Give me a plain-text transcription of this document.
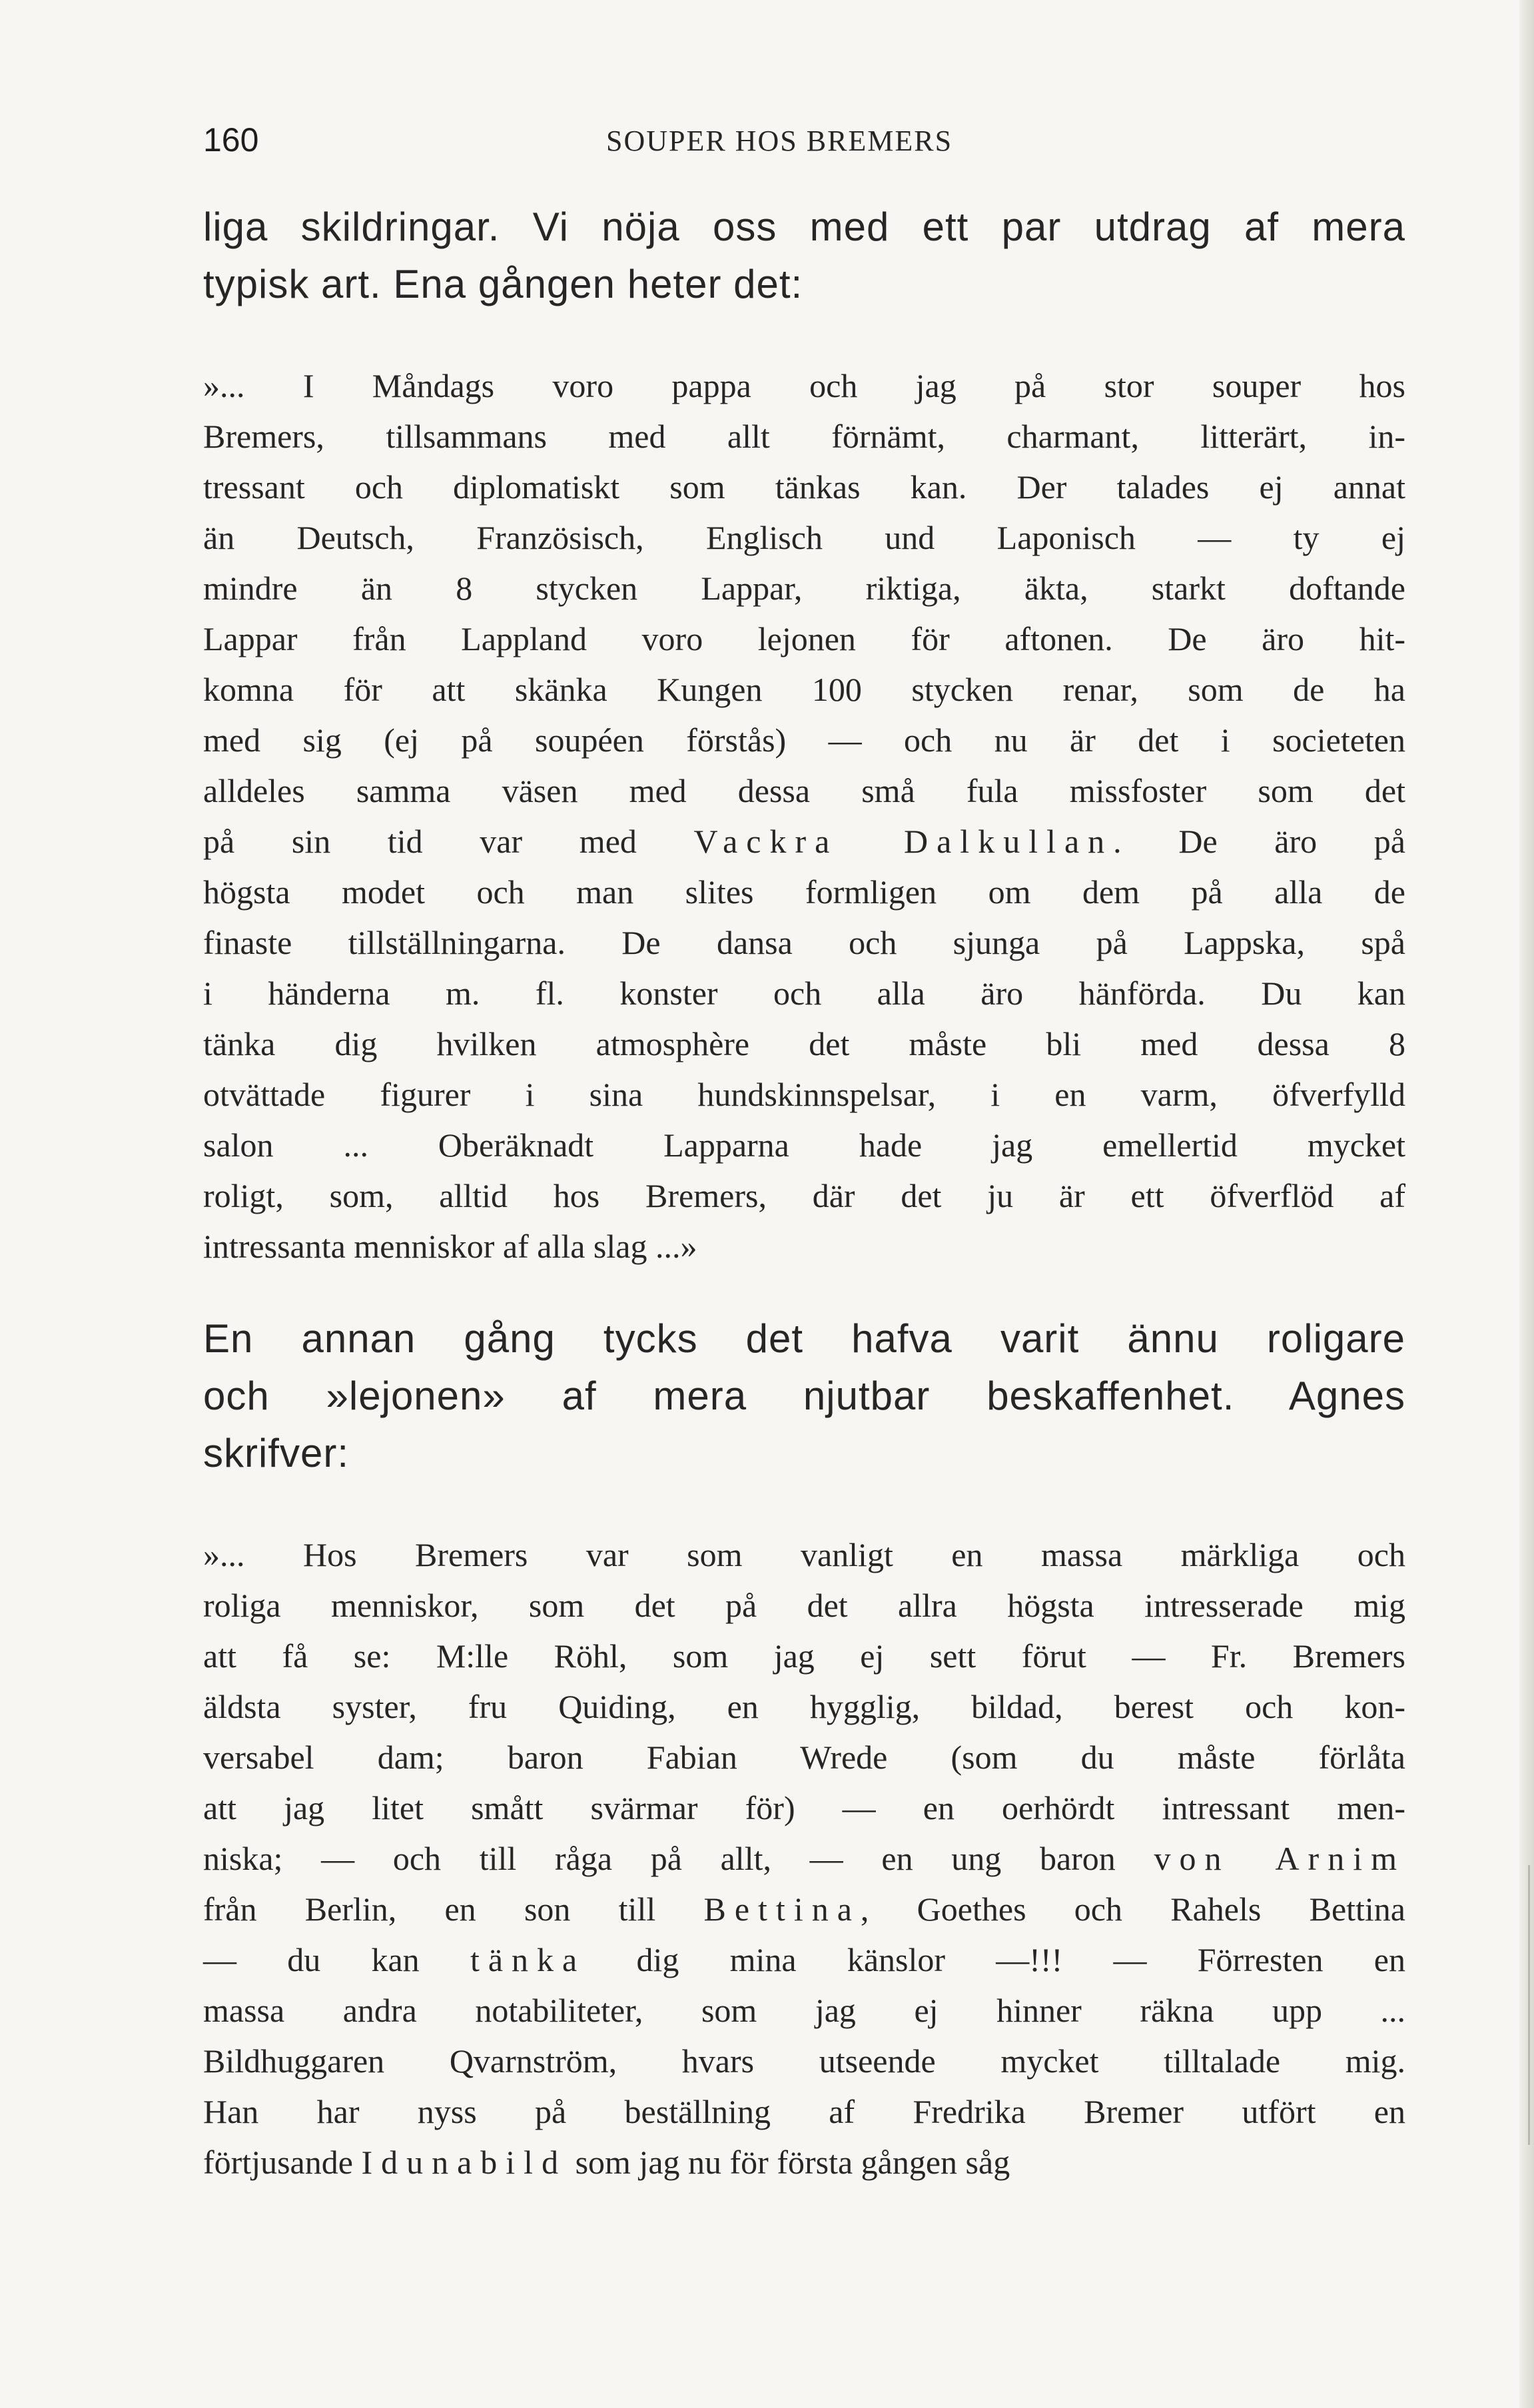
160	SOUPER HOS BREMERS
liga skildringar. Vi nöja oss med ett par utdrag af mera
typisk art. Ena gången heter det:
»... I Måndags voro pappa och jag på stor souper hos
Bremers, tillsammans med allt förnämt, charmant, litterärt, in-
tressant och diplomatiskt som tänkas kan. Der talades ej annat
än Deutsch, Französisch, Englisch und Laponisch — ty ej
mindre än 8 stycken Lappar, riktiga, äkta, starkt doftande
Lappar från Lappland voro lejonen för aftonen. De äro hit-
komna för att skänka Kungen 100 stycken renar, som de ha
med sig (ej på soupéen förstås) — och nu är det i societeten
alldeles samma väsen med dessa små fula missfoster som det
på sin tid var med Vackra Dalkullan. De äro på
högsta modet och man slites formligen om dem på alla de
finaste tillställningarna. De dansa och sjunga på Lappska, spå
i händerna m. fl. konster och alla äro hänförda. Du kan
tänka dig hvilken atmosphère det måste bli med dessa 8
otvättade figurer i sina hundskinnspelsar, i en varm, öfverfylld
salon ... Oberäknadt Lapparna hade jag emellertid mycket
roligt, som, alltid hos Bremers, där det ju är ett öfverflöd af
intressanta menniskor af alla slag ...»
En annan gång tycks det hafva varit ännu roligare
och »lejonen» af mera njutbar beskaffenhet. Agnes
skrifver:
»... Hos Bremers var som vanligt en massa märkliga och
roliga menniskor, som det på det allra högsta intresserade mig
att få se: M:lle Röhl, som jag ej sett förut — Fr. Bremers
äldsta syster, fru Quiding, en hygglig, bildad, berest och kon-
versabel dam; baron Fabian Wrede (som du måste förlåta
att jag litet smått svärmar för) — en oerhördt intressant men-
niska; — och till råga på allt, — en ung baron von Arnim
från Berlin, en son till Bettina, Goethes och Rahels Bettina
— du kan tänka dig mina känslor —!!! — Förresten en
massa andra notabiliteter, som jag ej hinner räkna upp ...
Bildhuggaren Qvarnström, hvars utseende mycket tilltalade mig.
Han har nyss på beställning af Fredrika Bremer utfört en
förtjusande Idunabild som jag nu för första gången såg
